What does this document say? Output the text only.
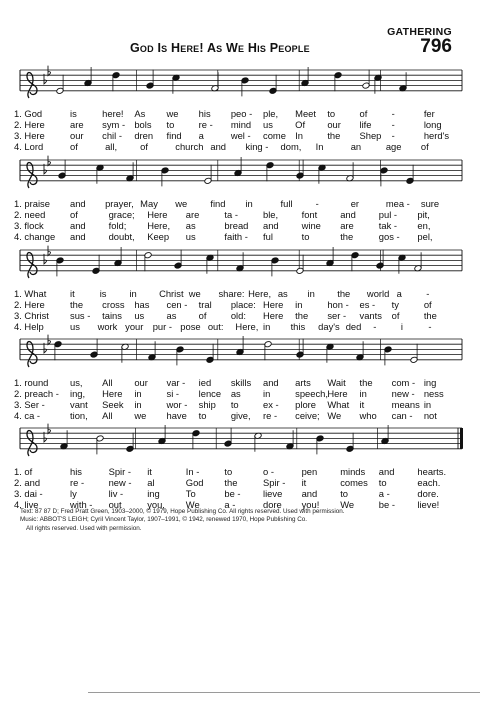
GATHERING
796
God Is Here! As We His People
1. God	is	here! As we his peo - ple, Meet to	of	-	fer
2. Here	are sym - bols to	re - mind us Of our life -	long
3. Here	our chil - dren find a	wel - come In	the Shep -	herd's
4. Lord	of	all, of	church and king - dom, In	an	age of
1. praise and prayer, May we find in	full -	er	mea - sure
2. need	of	grace; Here are	ta -	ble, font and pul - pit,
3. flock	and fold; Here, as	bread and wine are	tak - en,
4. change and doubt, Keep us	faith - ful	to	the	gos - pel,
1. What	it	is in Christ we share: Here, as in the world a	-
2. Here	the cross has cen - tral place: Here in	hon - es - ty	of
3. Christ sus - tains us as of	old: Here the ser - vants of	the
4. Help	us work your pur - pose out: Here, in this day's ded -	i	-
1. round us, All our var - ied skills and arts Wait the com - ing
2. preach - ing, Here in	si - lence as in	speech, Here in	new - ness
3. Ser -	vant Seek in	wor - ship to	ex - plore What it	means in
4. ca -	tion, All we have to	give, re - ceive; We who can - not
1. of	his	Spir - it	In -	to	o -	pen minds and hearts.
2. and	re -	new - al	God the	Spir - it	comes to	each.
3. dai -	ly	liv -	ing	To	be - lieve and to	a -	dore.
4. live	with - out	you, We	a -	dore you! We	be - lieve!
Text: 87 87 D; Fred Pratt Green, 1903–2000, © 1979, Hope Publishing Co. All rights reserved. Used with permission.
Music: ABBOT'S LEIGH; Cyril Vincent Taylor, 1907–1991, © 1942, renewed 1970, Hope Publishing Co.
All rights reserved. Used with permission.
